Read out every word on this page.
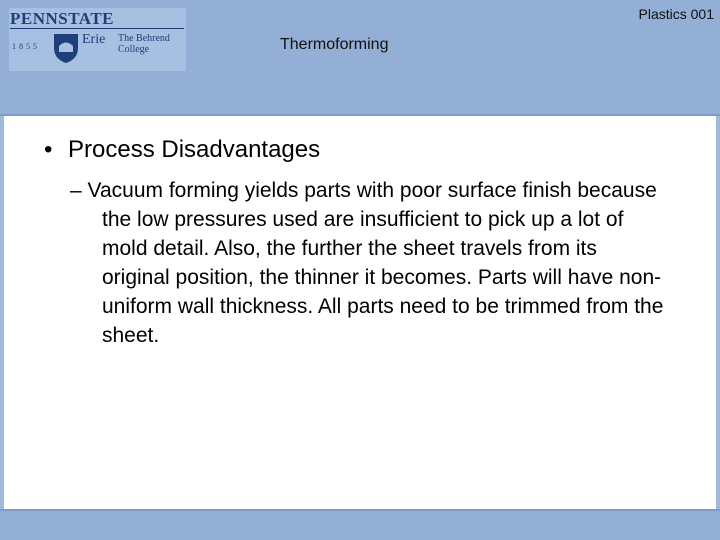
PENNSTATE
1855	Erie The Behrend College
Plastics 001
Thermoforming
• Process Disadvantages
– Vacuum forming yields parts with poor surface finish because the low pressures used are insufficient to pick up a lot of mold detail. Also, the further the sheet travels from its original position, the thinner it becomes. Parts will have non-uniform wall thickness. All parts need to be trimmed from the sheet.
